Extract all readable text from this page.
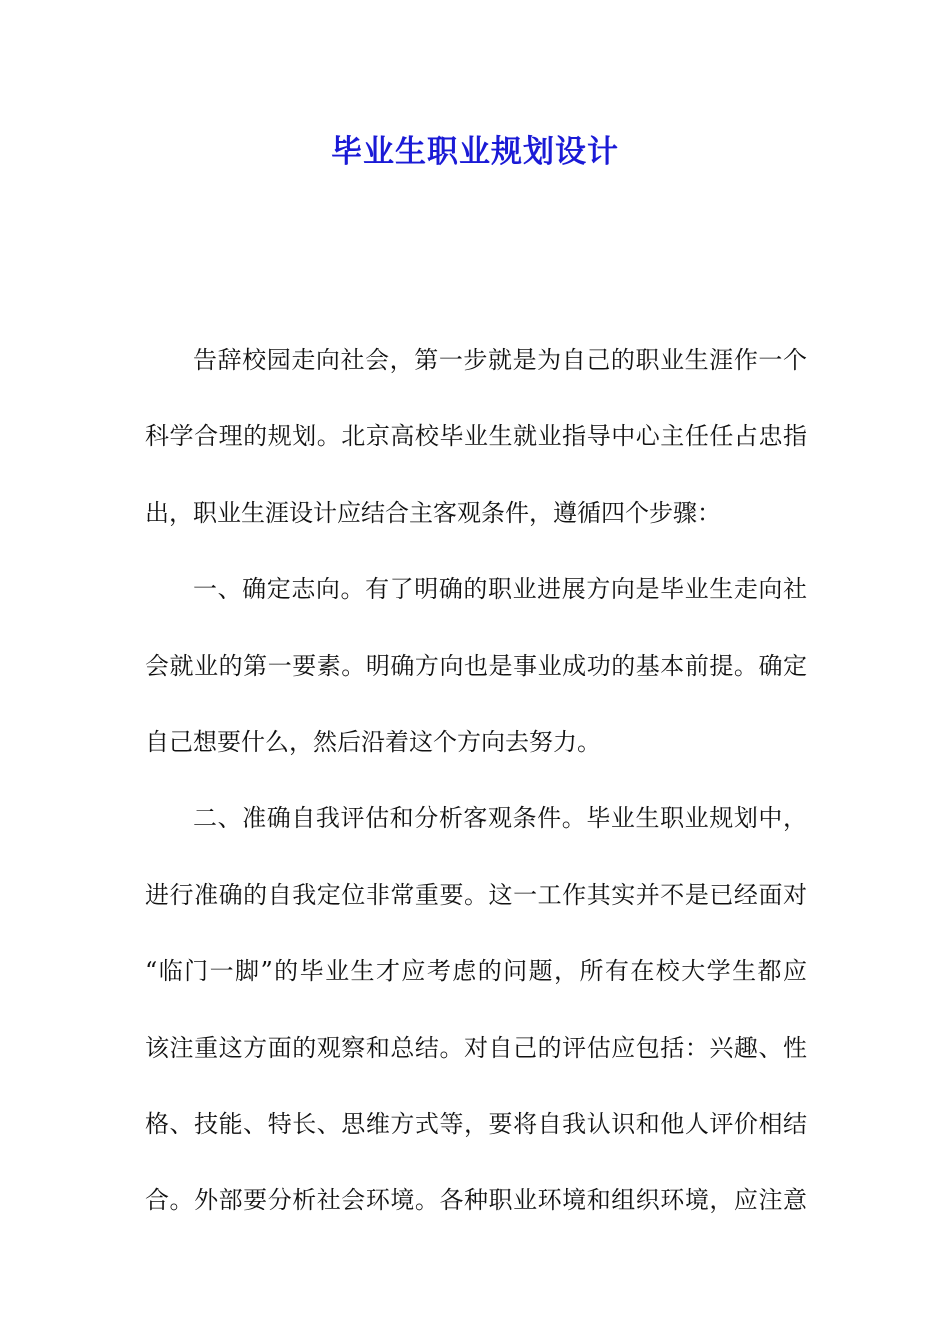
毕业生职业规划设计
告辞校园走向社会，第一步就是为自己的职业生涯作一个
科学合理的规划。北京高校毕业生就业指导中心主任任占忠指
出，职业生涯设计应结合主客观条件，遵循四个步骤：
一、确定志向。有了明确的职业进展方向是毕业生走向社
会就业的第一要素。明确方向也是事业成功的基本前提。确定
自己想要什么，然后沿着这个方向去努力。
二、准确自我评估和分析客观条件。毕业生职业规划中，
进行准确的自我定位非常重要。这一工作其实并不是已经面对
“临门一脚”的毕业生才应考虑的问题，所有在校大学生都应
该注重这方面的观察和总结。对自己的评估应包括：兴趣、性
格、技能、特长、思维方式等，要将自我认识和他人评价相结
合。外部要分析社会环境。各种职业环境和组织环境，应注意
